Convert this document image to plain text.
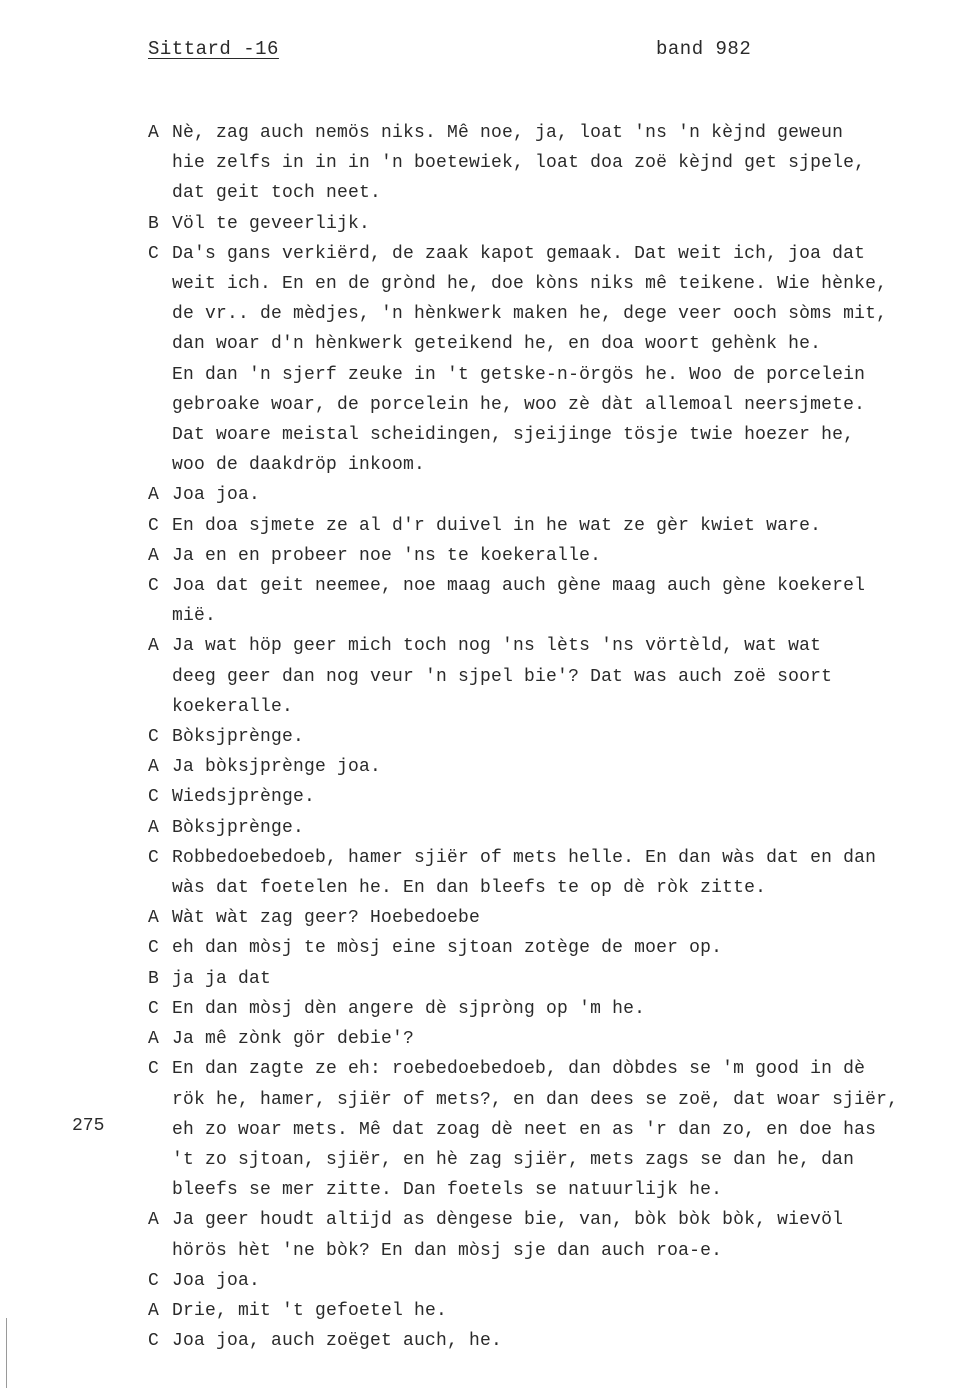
Sittard -16	band 982
275
A Nè, zag auch nemös niks. Mê noe, ja, loat 'ns 'n kèjnd geweun
hie zelfs in in in 'n boetewiek, loat doa zoë kèjnd get sjpele,
dat geit toch neet.
B Völ te geveerlijk.
C Da's gans verkiërd, de zaak kapot gemaak. Dat weit ich, joa dat
weit ich. En en de grònd he, doe kòns niks mê teikene. Wie hènke,
de vr.. de mèdjes, 'n hènkwerk maken he, dege veer ooch sòms mit,
dan woar d'n hènkwerk geteikend he, en doa woort gehènk he.
En dan 'n sjerf zeuke in 't getske-n-örgös he. Woo de porcelein
gebroake woar, de porcelein he, woo zè dàt allemoal neersjmete.
Dat woare meistal scheidingen, sjeijinge tösje twie hoezer he,
woo de daakdröp inkoom.
A Joa joa.
C En doa sjmete ze al d'r duivel in he wat ze gèr kwiet ware.
A Ja en en probeer noe 'ns te koekeralle.
C Joa dat geit neemee, noe maag auch gène maag auch gène koekerel
mië.
A Ja wat höp geer mich toch nog 'ns lèts 'ns vörtèld, wat wat
deeg geer dan nog veur 'n sjpel bie'? Dat was auch zoë soort
koekeralle.
C Bòksjprènge.
A Ja bòksjprènge joa.
C Wiedsjprènge.
A Bòksjprènge.
C Robbedoebedoeb, hamer sjiër of mets helle. En dan wàs dat en dan
wàs dat foetelen he. En dan bleefs te op dè ròk zitte.
A Wàt wàt zag geer? Hoebedoebe
C eh dan mòsj te mòsj eine sjtoan zotège de moer op.
B ja ja dat
C En dan mòsj dèn angere dè sjpròng op 'm he.
A Ja mê zònk gör debie'?
C En dan zagte ze eh: roebedoebedoeb, dan dòbdes se 'm good in dè
rök he, hamer, sjiër of mets?, en dan dees se zoë, dat woar sjiër,
eh zo woar mets. Mê dat zoag dè neet en as 'r dan zo, en doe has
't zo sjtoan, sjiër, en hè zag sjiër, mets zags se dan he, dan
bleefs se mer zitte. Dan foetels se natuurlijk he.
A Ja geer houdt altijd as dèngese bie, van, bòk bòk bòk, wievöl
hörös hèt 'ne bòk? En dan mòsj sje dan auch roa-e.
C Joa joa.
A Drie, mit 't gefoetel he.
C Joa joa, auch zoëget auch, he.
